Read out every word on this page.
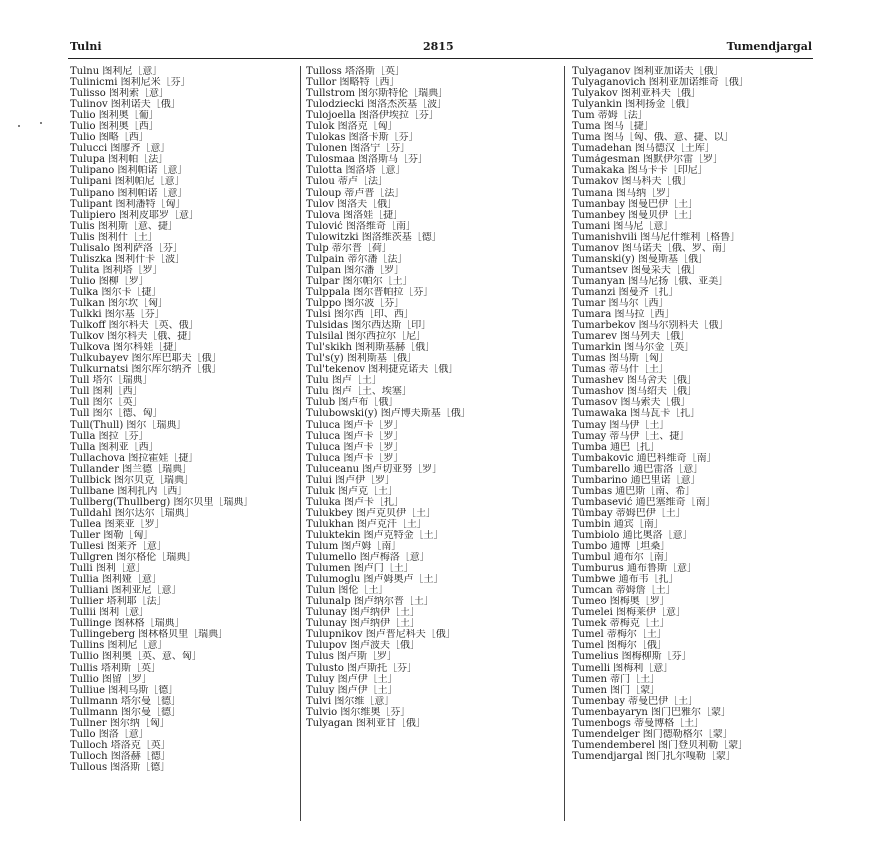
Tulni	2815	Tumendjargal
Tulnu 图利尼［意］
Tulinicmi 图利尼米［芬］
Tulisso 图利索［意］
Tulinov 图利诺夫［俄］
Tulio 图利奥［葡］
Tulio 图利奥［西］
Tulio 图略［西］
Tulucci 图廖齐［意］
Tulupa 图利帕［法］
Tulipano 图利帕诺［意］
Tulipani 图利帕尼［意］
Tulipano 图利帕诺［意］
Tulipant 图利潘特［匈］
Tulipiero 图利皮耶罗［意］
Tulis 图利斯［意、捷］
Tulis 图利什［土］
Tulisalo 图利萨洛［芬］
Tuliszka 图利什卡［波］
Tulita 图利塔［罗］
Tulio 图柳［罗］
Tulka 图尔卡［捷］
Tulkan 图尔坎［匈］
Tulkki 图尔基［芬］
Tulkoff 图尔科夫［英、俄］
Tulkov 图尔科夫［俄、捷］
Tulkova 图尔科娃［捷］
Tulkubayev 图尔库巴耶夫［俄］
Tulkurnatsi 图尔库尔纳齐［俄］
Tull 塔尔［瑞典］
Tull 图利［西］
Tull 图尔［英］
Tull 图尔［德、匈］
Tull(Thull) 图尔［瑞典］
Tulla 图拉［芬］
Tulla 图利亚［西］
Tullachova 图拉霍娃［捷］
Tullander 图兰德［瑞典］
Tullbick 图尔贝克［瑞典］
Tullbane 图利扎内［西］
Tullberg(Thullberg) 图尔贝里［瑞典］
Tulldahl 图尔达尔［瑞典］
Tullea 图莱亚［罗］
Tuller 图勒［匈］
Tullesi 图莱齐［意］
Tullgren 图尔格伦［瑞典］
Tulli 图利［意］
Tullia 图利娅［意］
Tulliani 图利亚尼［意］
Tullier 塔利耶［法］
Tullii 图利［意］
Tullinge 图林格［瑞典］
Tullingeberg 图林格贝里［瑞典］
Tullins 图利尼［意］
Tullio 图利奥［英、意、匈］
Tullis 塔利斯［英］
Tullio 图留［罗］
Tulliue 图利乌斯［德］
Tullmann 塔尔曼［德］
Tullmann 图尔曼［德］
Tullner 图尔纳［匈］
Tullo 图洛［意］
Tulloch 塔洛克［英］
Tulloch 图洛赫［德］
Tullous 图洛斯［德］
Tulloss 塔洛斯［英］
Tullor 图略特［西］
Tullstrom 图尔斯特伦［瑞典］
Tulodziecki 图洛杰茨基［波］
Tulojoella 图洛伊埃拉［芬］
Tulok 图洛克［匈］
Tulokas 图洛卡斯［芬］
Tulonen 图洛宁［芬］
Tulosmaa 图洛斯马［芬］
Tulotta 图洛塔［意］
Tulou 蒂卢［法］
Tuloup 蒂卢普［法］
Tulov 图洛夫［俄］
Tulova 图洛娃［捷］
Tulović 图洛维奇［南］
Tulowitzki 图洛维茨基［德］
Tulp 蒂尔普［荷］
Tulpain 蒂尔潘［法］
Tulpan 图尔潘［罗］
Tulpar 图尔帕尔［土］
Tulppala 图尔普帕拉［芬］
Tulppo 图尔波［芬］
Tulsi 图尔西［印、西］
Tulsidas 图尔西达斯［印］
Tulsilal 图尔西拉尔［尼］
Tul'skikh 图利斯基赫［俄］
Tul's(y) 图利斯基［俄］
Tul'tekenov 图利捷克诺夫［俄］
Tulu 图卢［土］
Tulu 图卢［土、埃塞］
Tulub 图卢布［俄］
Tulubowski(y) 图卢博夫斯基［俄］
Tuluca 图卢卡［罗］
Tuluca 图卢卡［罗］
Tuluca 图卢卡［罗］
Tuluca 图卢卡［罗］
Tuluceanu 图卢切亚努［罗］
Tului 图卢伊［罗］
Tuluk 图卢克［土］
Tuluka 图卢卡［扎］
Tulukbey 图卢克贝伊［土］
Tulukhan 图卢克汗［土］
Tuluktekin 图卢克特金［土］
Tulum 图卢姆［南］
Tulumello 图卢梅洛［意］
Tulumen 图卢门［土］
Tulumoglu 图卢姆奥卢［土］
Tulun 图伦［土］
Tulunalp 图卢纳尔普［土］
Tulunay 图卢纳伊［土］
Tulunay 图卢纳伊［土］
Tulupnikov 图卢普尼科夫［俄］
Tulupov 图卢波夫［俄］
Tulus 图卢斯［罗］
Tulusto 图卢斯托［芬］
Tuluy 图卢伊［土］
Tuluy 图卢伊［土］
Tulvi 图尔维［意］
Tulvio 图尔维奥［芬］
Tulyagan 图利亚甘［俄］
Tulyaganov 图利亚加诺夫［俄］
Tulyaganovich 图利亚加诺维奇［俄］
Tulyakov 图利亚科夫［俄］
Tulyankin 图利扬金［俄］
Tum 蒂姆［法］
Tuma 图马［捷］
Tuma 图马［匈、俄、意、捷、以］
Tumadehan 图马德汉［土库］
Tumágesman 图默伊尔雷［罗］
Tumakaka 图马卡卡［印尼］
Tumakov 图马科夫［俄］
Tumana 图马纳［罗］
Tumanbay 图曼巴伊［土］
Tumanbey 图曼贝伊［土］
Tumani 图马尼［意］
Tumanishvili 图马尼什维利［格鲁］
Tumanov 图马诺夫［俄、罗、南］
Tumanski(y) 图曼斯基［俄］
Tumantsev 图曼采夫［俄］
Tumanyan 图马尼扬［俄、亚美］
Tumanzi 图曼齐［扎］
Tumar 图马尔［西］
Tumara 图马拉［西］
Tumarbekov 图马尔别科夫［俄］
Tumarev 图马列夫［俄］
Tumarkin 图马尔金［英］
Tumas 图马斯［匈］
Tumas 蒂马什［土］
Tumashev 图马舍夫［俄］
Tumashov 图马绍夫［俄］
Tumasov 图马索夫［俄］
Tumawaka 图马瓦卡［扎］
Tumay 图马伊［土］
Tumay 蒂马伊［土、捷］
Tumba 通巴［扎］
Tumbakovic 通巴科维奇［南］
Tumbarello 通巴雷洛［意］
Tumbarino 通巴里诺［意］
Tumbas 通巴斯［南、希］
Tumbasević 通巴塞维奇［南］
Tümbay 蒂姆巴伊［土］
Tumbin 通宾［南］
Tumbiolo 通比奥洛［意］
Tumbo 通博［坦桑］
Tumbul 通布尔［南］
Tumburus 通布鲁斯［意］
Tumbwe 通布韦［扎］
Tumcan 蒂姆詹［土］
Tumeo 图梅奥［罗］
Tumelei 图梅莱伊［意］
Tumek 蒂梅克［土］
Tumel 蒂梅尔［土］
Tumel 图梅尔［俄］
Tumelius 图梅柳斯［芬］
Tumelli 图梅利［意］
Tumen 蒂门［土］
Tumen 图门［蒙］
Tumenbay 蒂曼巴伊［土］
Tumenbayaryn 图门巴雅尔［蒙］
Tumenbogs 蒂曼博格［土］
Tumendelger 图门德勒格尔［蒙］
Tumendemberel 图门登贝利勒［蒙］
Tumendjargal 图门扎尔嘎勒［蒙］
